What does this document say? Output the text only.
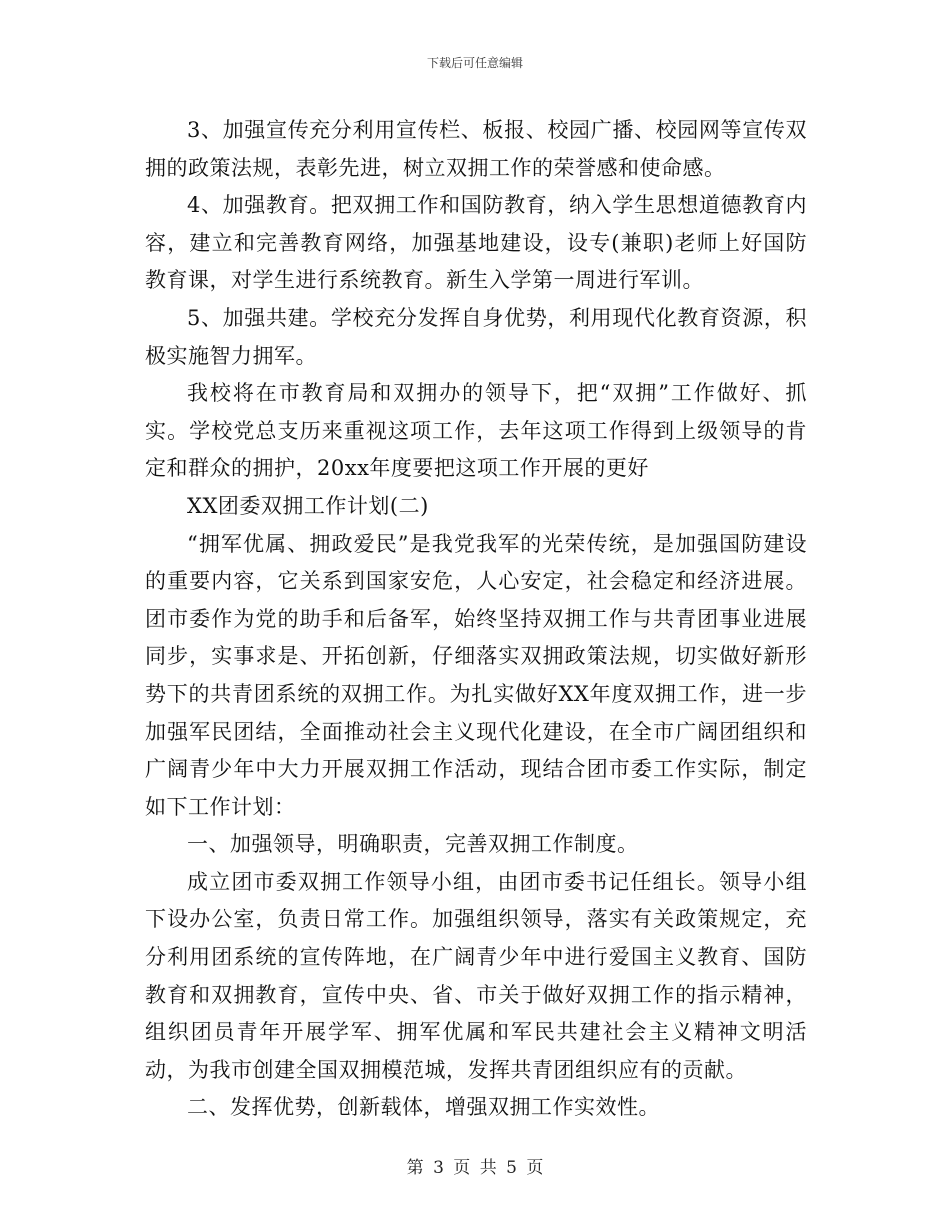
下载后可任意编辑

3、加强宣传充分利用宣传栏、板报、校园广播、校园网等宣传双拥的政策法规，表彰先进，树立双拥工作的荣誉感和使命感。

4、加强教育。把双拥工作和国防教育，纳入学生思想道德教育内容，建立和完善教育网络，加强基地建设，设专(兼职)老师上好国防教育课，对学生进行系统教育。新生入学第一周进行军训。

5、加强共建。学校充分发挥自身优势，利用现代化教育资源，积极实施智力拥军。

我校将在市教育局和双拥办的领导下，把“双拥”工作做好、抓实。学校党总支历来重视这项工作，去年这项工作得到上级领导的肯定和群众的拥护，20xx年度要把这项工作开展的更好

XX团委双拥工作计划(二)

“拥军优属、拥政爱民”是我党我军的光荣传统，是加强国防建设的重要内容，它关系到国家安危，人心安定，社会稳定和经济进展。团市委作为党的助手和后备军，始终坚持双拥工作与共青团事业进展同步，实事求是、开拓创新，仔细落实双拥政策法规，切实做好新形势下的共青团系统的双拥工作。为扎实做好XX年度双拥工作，进一步加强军民团结，全面推动社会主义现代化建设，在全市广阔团组织和广阔青少年中大力开展双拥工作活动，现结合团市委工作实际，制定如下工作计划：

一、加强领导，明确职责，完善双拥工作制度。

成立团市委双拥工作领导小组，由团市委书记任组长。领导小组下设办公室，负责日常工作。加强组织领导，落实有关政策规定，充分利用团系统的宣传阵地，在广阔青少年中进行爱国主义教育、国防教育和双拥教育，宣传中央、省、市关于做好双拥工作的指示精神，组织团员青年开展学军、拥军优属和军民共建社会主义精神文明活动，为我市创建全国双拥模范城，发挥共青团组织应有的贡献。

二、发挥优势，创新载体，增强双拥工作实效性。

第 3 页 共 5 页
